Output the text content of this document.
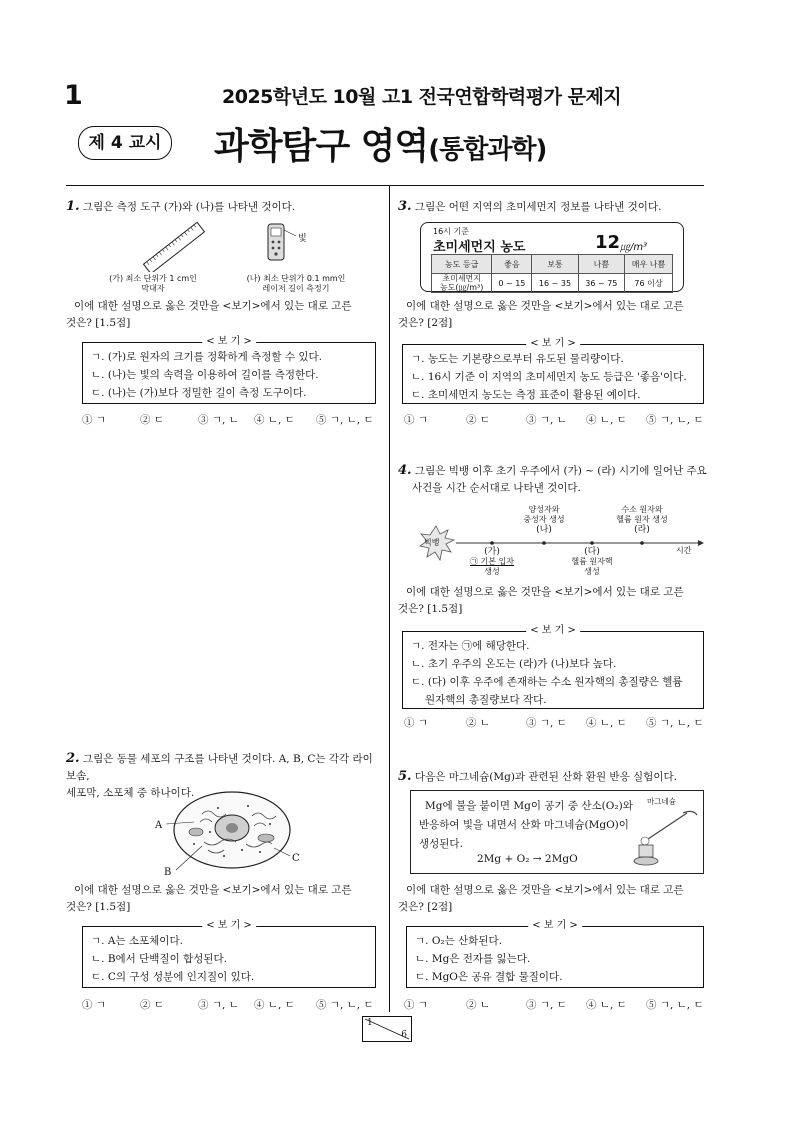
1	2025학년도 10월 고1 전국연합학력평가 문제지
제 4 교시 과학탐구 영역(통합과학)
1. 그림은 측정 도구 (가)와 (나)를 나타낸 것이다.
빛
(가) 최소 단위가 1 cm인
막대자
(나) 최소 단위가 0.1 mm인
레이저 길이 측정기
이에 대한 설명으로 옳은 것만을 <보기>에서 있는 대로 고른
것은? [1.5점]
< 보 기 >
ㄱ. (가)로 원자의 크기를 정확하게 측정할 수 있다.
ㄴ. (나)는 빛의 속력을 이용하여 길이를 측정한다.
ㄷ. (나)는 (가)보다 정밀한 길이 측정 도구이다.
① ㄱ	② ㄷ	③ ㄱ, ㄴ ④ ㄴ, ㄷ ⑤ ㄱ, ㄴ, ㄷ
2. 그림은 동물 세포의 구조를 나타낸 것이다. A, B, C는 각각 라이보솜,
세포막, 소포체 중 하나이다.
A
B
C
이에 대한 설명으로 옳은 것만을 <보기>에서 있는 대로 고른
것은? [1.5점]
< 보 기 >
ㄱ. A는 소포체이다.
ㄴ. B에서 단백질이 합성된다.
ㄷ. C의 구성 성분에 인지질이 있다.
① ㄱ	② ㄷ	③ ㄱ, ㄴ ④ ㄴ, ㄷ ⑤ ㄱ, ㄴ, ㄷ
3. 그림은 어떤 지역의 초미세먼지 정보를 나타낸 것이다.
16시 기준
초미세먼지 농도	12 ㎍/m³
농도 등급	좋음	보통	나쁨	매우 나쁨

초미세먼지
농도(㎍/m³)	0 ~ 15	16 ~ 35	36 ~ 75	76 이상
이에 대한 설명으로 옳은 것만을 <보기>에서 있는 대로 고른
것은? [2점]
< 보 기 >
ㄱ. 농도는 기본량으로부터 유도된 물리량이다.
ㄴ. 16시 기준 이 지역의 초미세먼지 농도 등급은 '좋음'이다.
ㄷ. 초미세먼지 농도는 측정 표준이 활용된 예이다.
① ㄱ	② ㄷ	③ ㄱ, ㄴ ④ ㄴ, ㄷ ⑤ ㄱ, ㄴ, ㄷ
4. 그림은 빅뱅 이후 초기 우주에서 (가) ~ (라) 시기에 일어난 주요
사건을 시간 순서대로 나타낸 것이다.
빅뱅
시간
양성자와
중성자 생성
(나)
수소 원자와
헬륨 원자 생성
(라)
(가)
㉠ 기본 입자
생성
(다)
헬륨 원자핵
생성
이에 대한 설명으로 옳은 것만을 <보기>에서 있는 대로 고른
것은? [1.5점]
< 보 기 >
ㄱ. 전자는 ㉠에 해당한다.
ㄴ. 초기 우주의 온도는 (라)가 (나)보다 높다.
ㄷ. (다) 이후 우주에 존재하는 수소 원자핵의 총질량은 헬륨
원자핵의 총질량보다 작다.
① ㄱ	② ㄴ	③ ㄱ, ㄷ ④ ㄴ, ㄷ ⑤ ㄱ, ㄴ, ㄷ
5. 다음은 마그네슘(Mg)과 관련된 산화 환원 반응 실험이다.
Mg에 불을 붙이면 Mg이 공기 중 산소(O₂)와
반응하여 빛을 내면서 산화 마그네슘(MgO)이
생성된다.
2Mg + O₂ → 2MgO
마그네슘
이에 대한 설명으로 옳은 것만을 <보기>에서 있는 대로 고른
것은? [2점]
< 보 기 >
ㄱ. O₂는 산화된다.
ㄴ. Mg은 전자를 잃는다.
ㄷ. MgO은 공유 결합 물질이다.
① ㄱ	② ㄴ	③ ㄱ, ㄷ ④ ㄴ, ㄷ ⑤ ㄱ, ㄴ, ㄷ
1
6
